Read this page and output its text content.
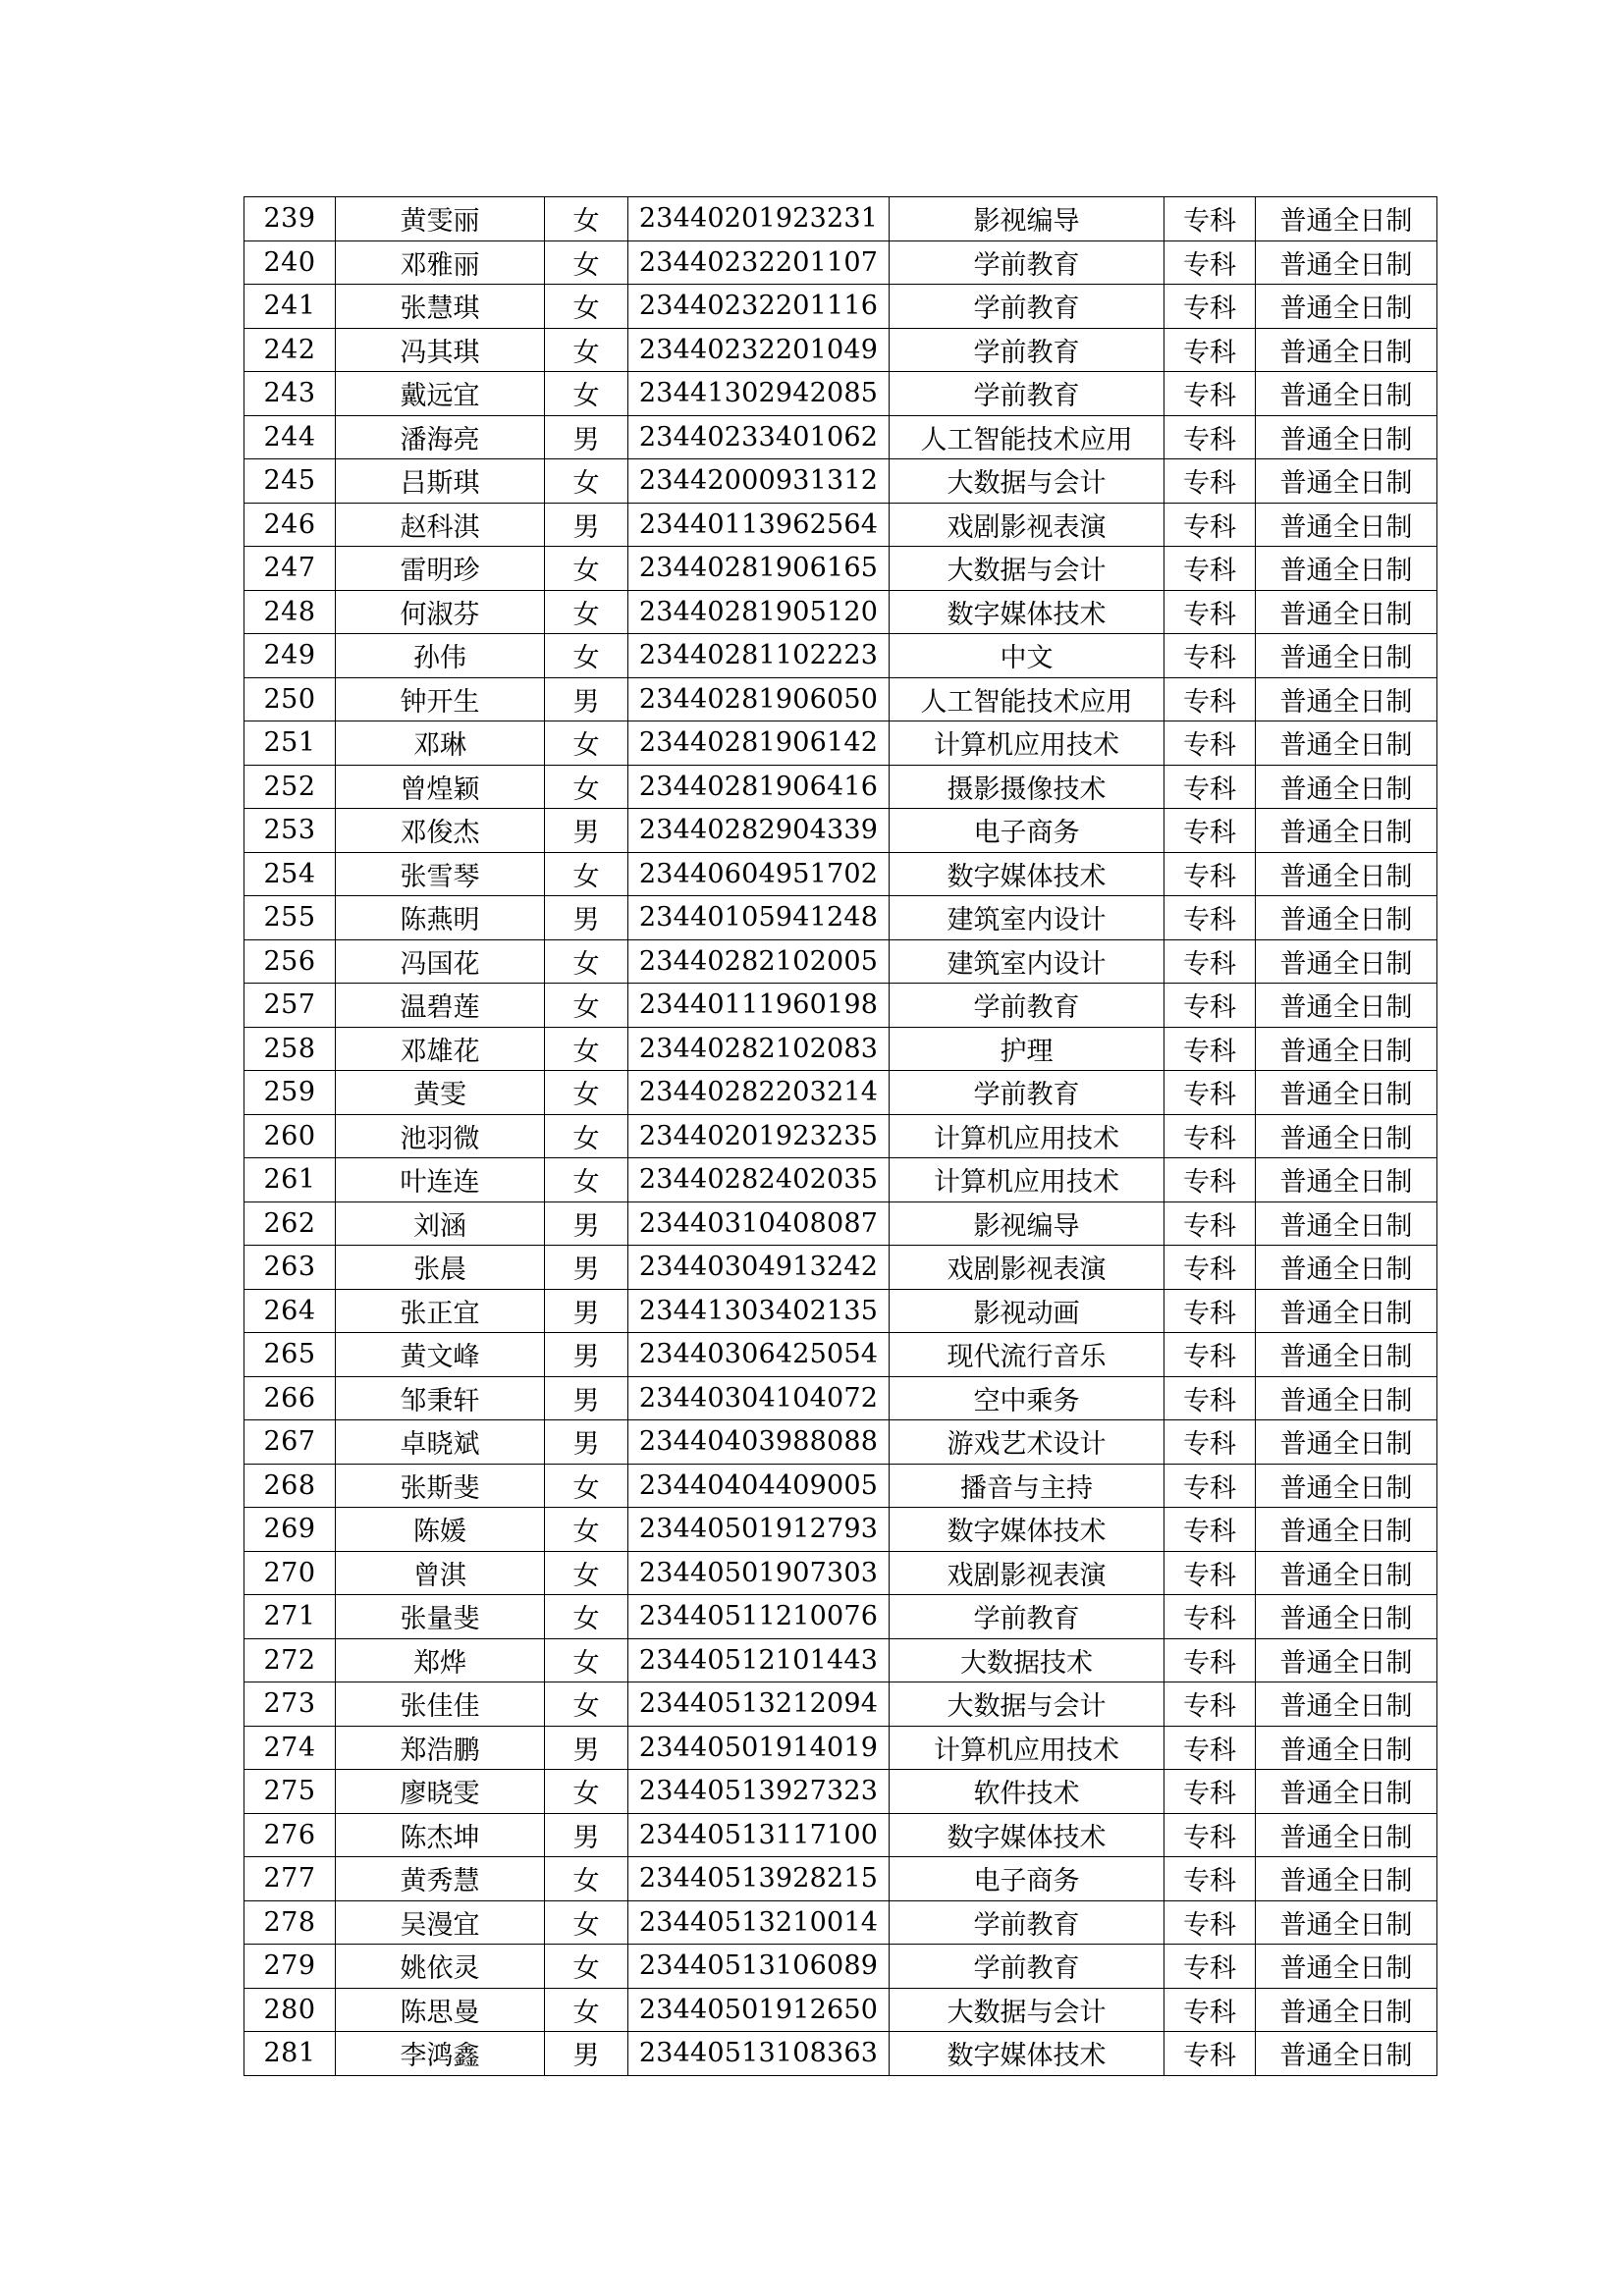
239	黄雯丽	女	23440201923231	影视编导	专科	普通全日制
240	邓雅丽	女	23440232201107	学前教育	专科	普通全日制
241	张慧琪	女	23440232201116	学前教育	专科	普通全日制
242	冯其琪	女	23440232201049	学前教育	专科	普通全日制
243	戴远宜	女	23441302942085	学前教育	专科	普通全日制
244	潘海亮	男	23440233401062	人工智能技术应用	专科	普通全日制
245	吕斯琪	女	23442000931312	大数据与会计	专科	普通全日制
246	赵科淇	男	23440113962564	戏剧影视表演	专科	普通全日制
247	雷明珍	女	23440281906165	大数据与会计	专科	普通全日制
248	何淑芬	女	23440281905120	数字媒体技术	专科	普通全日制
249	孙伟	女	23440281102223	中文	专科	普通全日制
250	钟开生	男	23440281906050	人工智能技术应用	专科	普通全日制
251	邓琳	女	23440281906142	计算机应用技术	专科	普通全日制
252	曾煌颖	女	23440281906416	摄影摄像技术	专科	普通全日制
253	邓俊杰	男	23440282904339	电子商务	专科	普通全日制
254	张雪琴	女	23440604951702	数字媒体技术	专科	普通全日制
255	陈燕明	男	23440105941248	建筑室内设计	专科	普通全日制
256	冯国花	女	23440282102005	建筑室内设计	专科	普通全日制
257	温碧莲	女	23440111960198	学前教育	专科	普通全日制
258	邓雄花	女	23440282102083	护理	专科	普通全日制
259	黄雯	女	23440282203214	学前教育	专科	普通全日制
260	池羽微	女	23440201923235	计算机应用技术	专科	普通全日制
261	叶连连	女	23440282402035	计算机应用技术	专科	普通全日制
262	刘涵	男	23440310408087	影视编导	专科	普通全日制
263	张晨	男	23440304913242	戏剧影视表演	专科	普通全日制
264	张正宜	男	23441303402135	影视动画	专科	普通全日制
265	黄文峰	男	23440306425054	现代流行音乐	专科	普通全日制
266	邹秉轩	男	23440304104072	空中乘务	专科	普通全日制
267	卓晓斌	男	23440403988088	游戏艺术设计	专科	普通全日制
268	张斯斐	女	23440404409005	播音与主持	专科	普通全日制
269	陈媛	女	23440501912793	数字媒体技术	专科	普通全日制
270	曾淇	女	23440501907303	戏剧影视表演	专科	普通全日制
271	张量斐	女	23440511210076	学前教育	专科	普通全日制
272	郑烨	女	23440512101443	大数据技术	专科	普通全日制
273	张佳佳	女	23440513212094	大数据与会计	专科	普通全日制
274	郑浩鹏	男	23440501914019	计算机应用技术	专科	普通全日制
275	廖晓雯	女	23440513927323	软件技术	专科	普通全日制
276	陈杰坤	男	23440513117100	数字媒体技术	专科	普通全日制
277	黄秀慧	女	23440513928215	电子商务	专科	普通全日制
278	吴漫宜	女	23440513210014	学前教育	专科	普通全日制
279	姚依灵	女	23440513106089	学前教育	专科	普通全日制
280	陈思曼	女	23440501912650	大数据与会计	专科	普通全日制
281	李鸿鑫	男	23440513108363	数字媒体技术	专科	普通全日制
